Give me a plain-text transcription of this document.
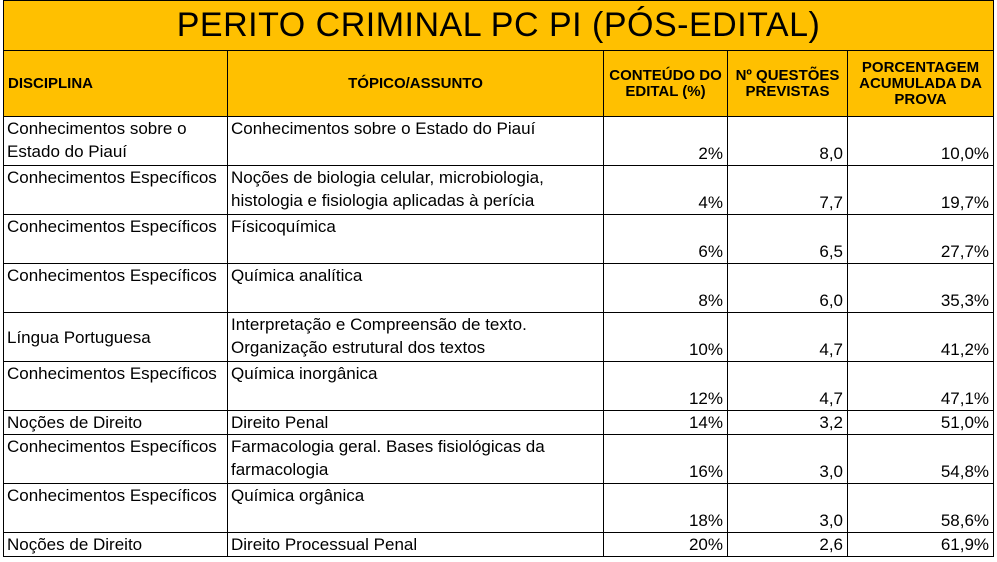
PERITO CRIMINAL PC PI (PÓS-EDITAL)				
DISCIPLINA	TÓPICO/ASSUNTO	CONTEÚDO DO EDITAL (%)	Nº QUESTÕES PREVISTAS	PORCENTAGEM ACUMULADA DA PROVA
Conhecimentos sobre o Estado do Piauí	Conhecimentos sobre o Estado do Piauí	2%	8,0	10,0%
Conhecimentos Específicos	Noções de biologia celular, microbiologia, histologia e fisiologia aplicadas à perícia	4%	7,7	19,7%
Conhecimentos Específicos	Físicoquímica	6%	6,5	27,7%
Conhecimentos Específicos	Química analítica	8%	6,0	35,3%
Língua Portuguesa	Interpretação e Compreensão de texto. Organização estrutural dos textos	10%	4,7	41,2%
Conhecimentos Específicos	Química inorgânica	12%	4,7	47,1%
Noções de Direito	Direito Penal	14%	3,2	51,0%
Conhecimentos Específicos	Farmacologia geral. Bases fisiológicas da farmacologia	16%	3,0	54,8%
Conhecimentos Específicos	Química orgânica	18%	3,0	58,6%
Noções de Direito	Direito Processual Penal	20%	2,6	61,9%
